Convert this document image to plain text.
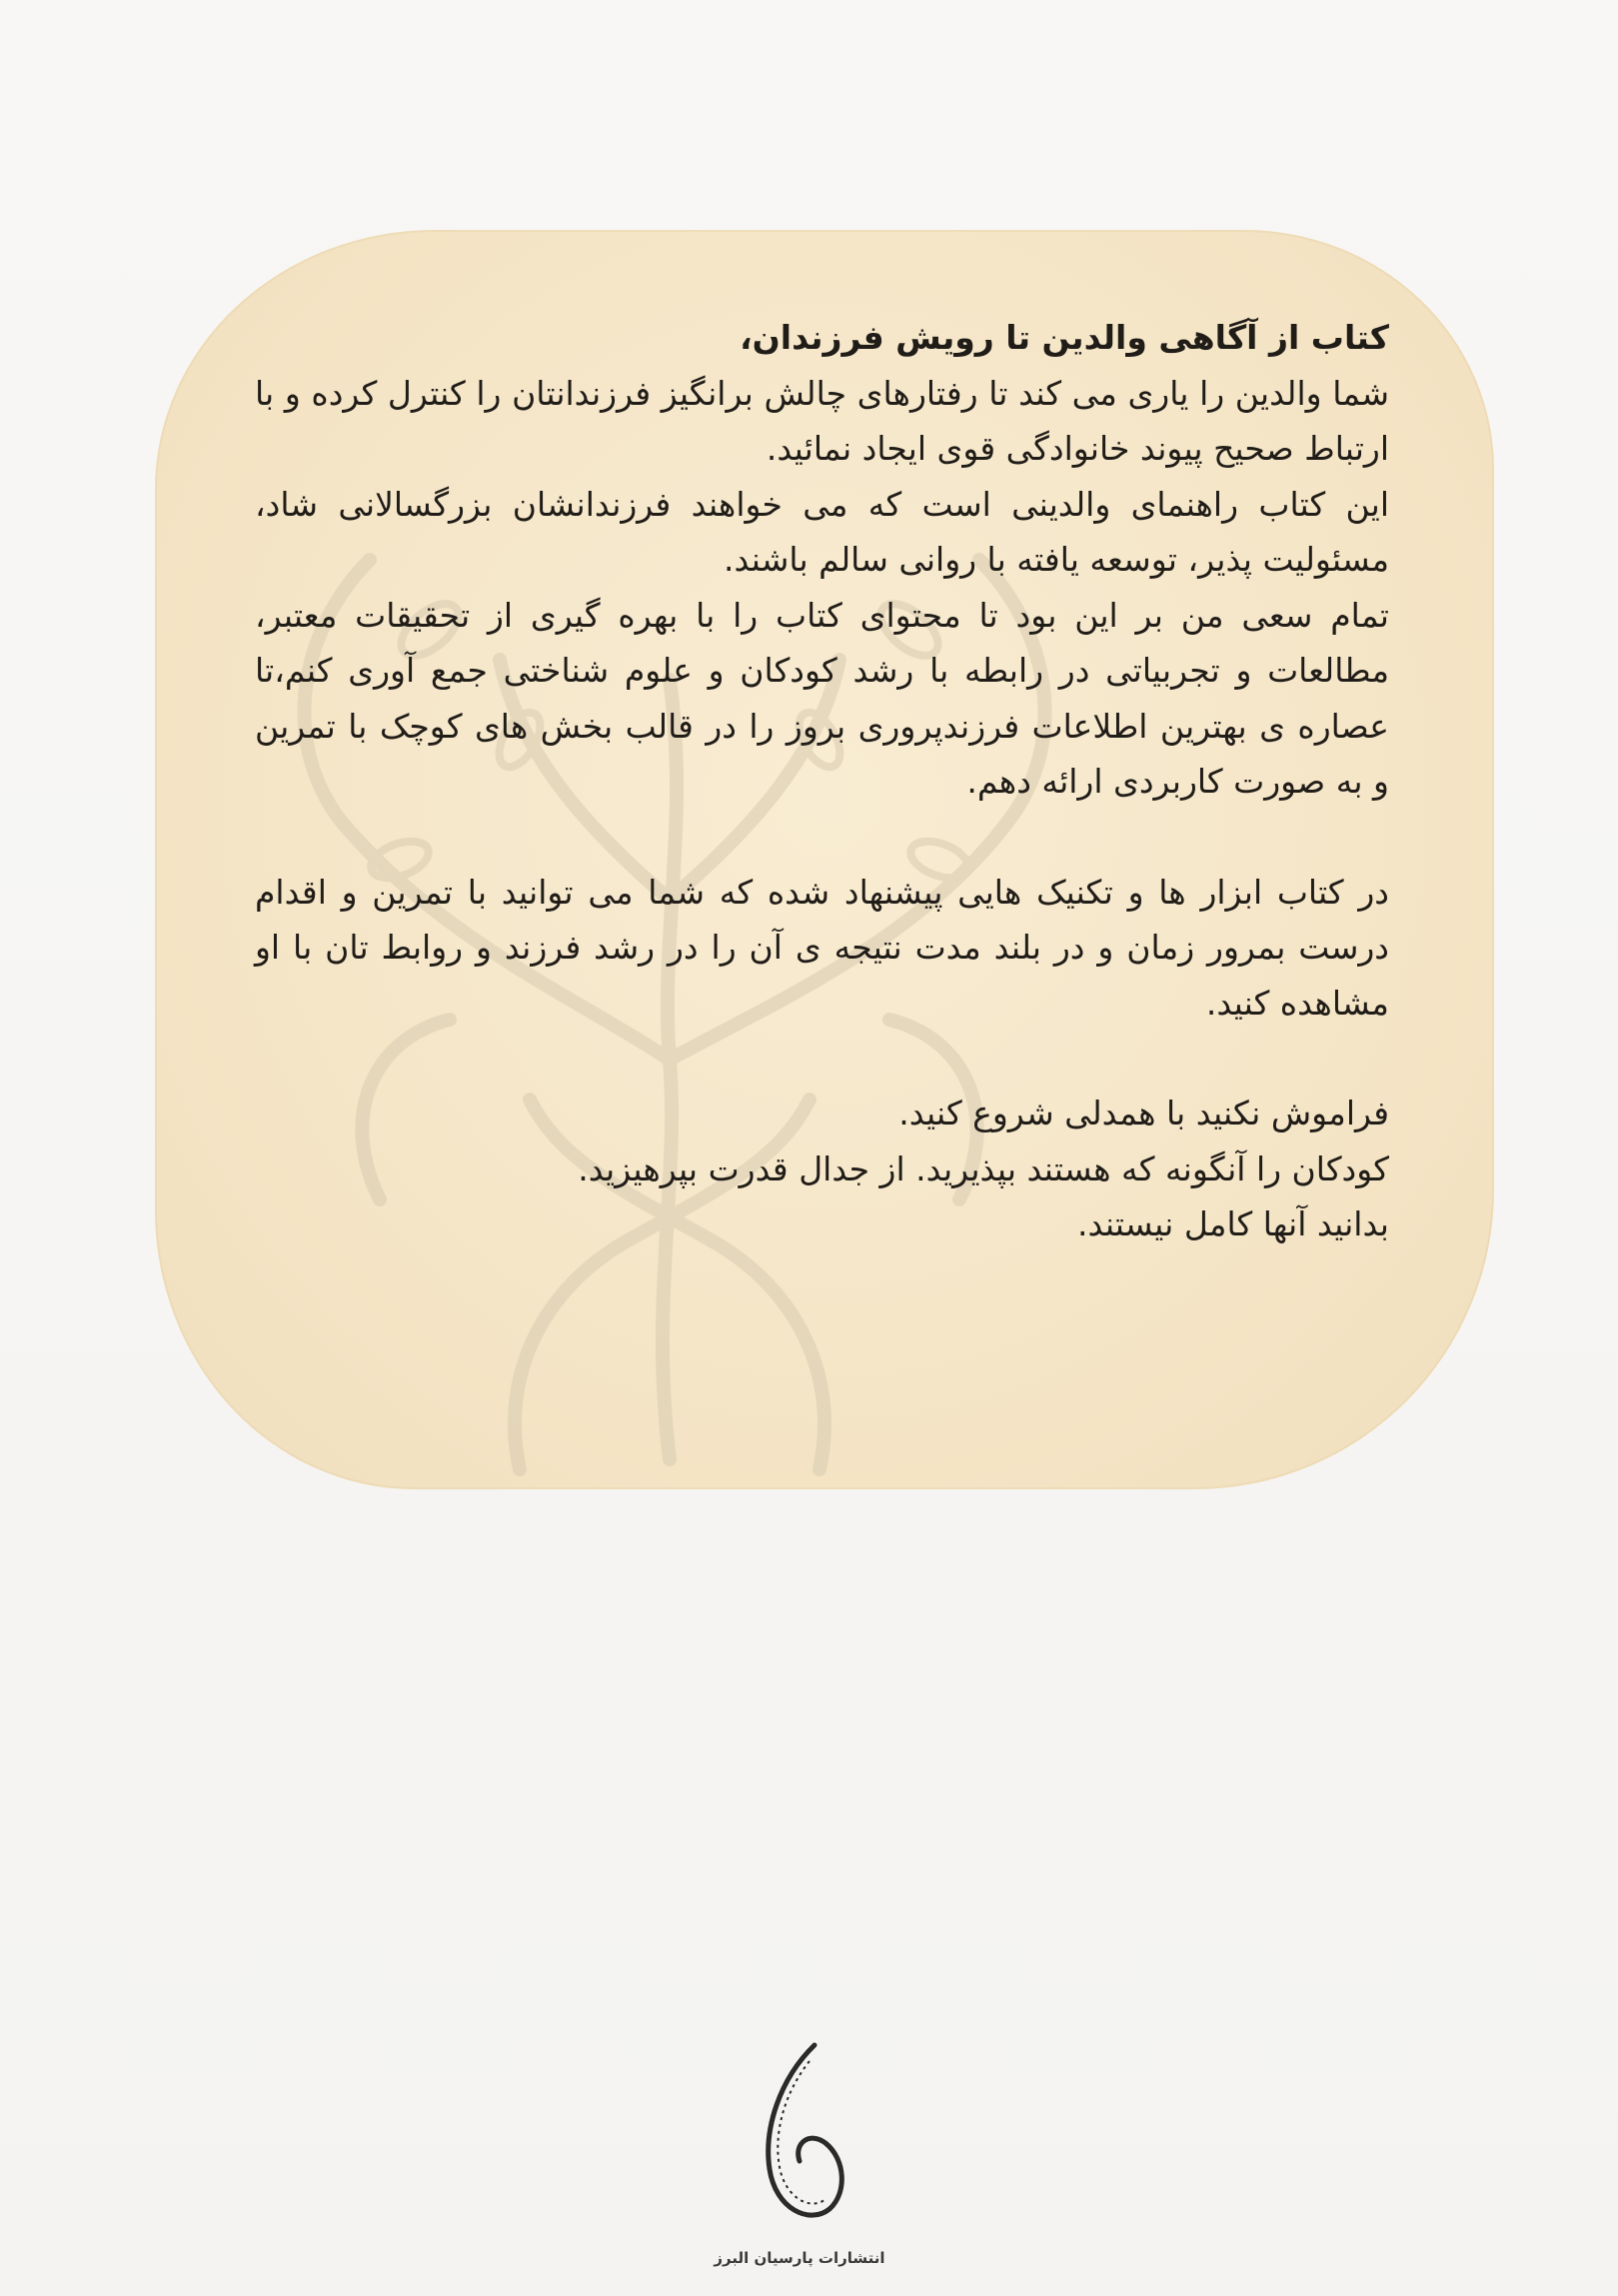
کتاب از آگاهی والدین تا رویش فرزندان،

شما والدین را یاری می کند تا رفتارهای چالش برانگیز فرزندانتان را کنترل کرده و با ارتباط صحیح پیوند خانوادگی قوی ایجاد نمائید.

این کتاب راهنمای والدینی است که می خواهند فرزندانشان بزرگسالانی شاد، مسئولیت پذیر، توسعه یافته با روانی سالم باشند.

تمام سعی من بر این بود تا محتوای کتاب را با بهره گیری از تحقیقات معتبر، مطالعات و تجربیاتی در رابطه با رشد کودکان و علوم شناختی جمع آوری کنم،تا عصاره ی بهترین اطلاعات فرزندپروری بروز را در قالب بخش های کوچک با تمرین و به صورت کاربردی ارائه دهم.

در کتاب ابزار ها و تکنیک هایی پیشنهاد شده که شما می توانید با تمرین و اقدام درست بمرور زمان و در بلند مدت نتیجه ی آن را در رشد فرزند و روابط تان با او مشاهده کنید.

فراموش نکنید با همدلی شروع کنید.

کودکان را آنگونه که هستند بپذیرید. از جدال قدرت بپرهیزید.

بدانید آنها کامل نیستند.

انتشارات پارسیان البرز
